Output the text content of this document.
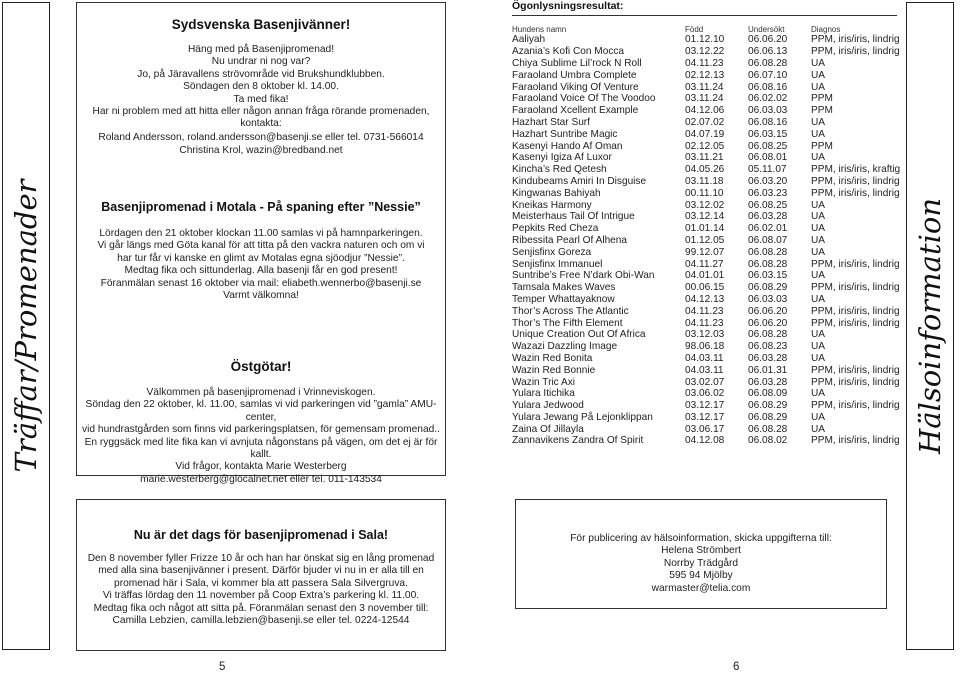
Träffar/Promenader	Hälsoinformation
Sydsvenska Basenjivänner!
Häng med på Basenjipromenad!
Nu undrar ni nog var?
Jo, på Järavallens strövområde vid Brukshundklubben.
Söndagen den 8 oktober kl. 14.00.
Ta med fika!
Har ni problem med att hitta eller någon annan fråga rörande promenaden, kontakta:
Roland Andersson, roland.andersson@basenji.se eller tel. 0731-566014
Christina Krol, wazin@bredband.net
Basenjipromenad i Motala - På spaning efter ”Nessie”
Lördagen den 21 oktober klockan 11.00 samlas vi på hamnparkeringen.
Vi går längs med Göta kanal för att titta på den vackra naturen och om vi
har tur får vi kanske en glimt av Motalas egna sjöodjur ”Nessie”.
Medtag fika och sittunderlag. Alla basenji får en god present!
Föranmälan senast 16 oktober via mail: eliabeth.wennerbo@basenji.se
Varmt välkomna!
Östgötar!
Välkommen på basenjipromenad i Vrinneviskogen.
Söndag den 22 oktober, kl. 11.00, samlas vi vid parkeringen vid ”gamla” AMU-center,
vid hundrastgården som finns vid parkeringsplatsen, för gemensam promenad..
En ryggsäck med lite fika kan vi avnjuta någonstans på vägen, om det ej är för kallt.
Vid frågor, kontakta Marie Westerberg
marie.westerberg@glocalnet.net eller tel. 011-143534
Nu är det dags för basenjipromenad i Sala!
Den 8 november fyller Frizze 10 år och han har önskat sig en lång promenad
med alla sina basenjivänner i present. Därför bjuder vi nu in er alla till en
promenad här i Sala, vi kommer bla att passera Sala Silvergruva.
Vi träffas lördag den 11 november på Coop Extra’s parkering kl. 11.00.
Medtag fika och något att sitta på. Föranmälan senast den 3 november till:
Camilla Lebzien, camilla.lebzien@basenji.se eller tel. 0224-12544
Ögonlysningsresultat:
Hundens namn	Född	Undersökt	Diagnos
Aaliyah	01.12.10	06.06.20	PPM, iris/iris, lindrig
Azania’s Kofi Con Mocca	03.12.22	06.06.13	PPM, iris/iris, lindrig
Chiya Sublime Lil’rock N Roll	04.11.23	06.08.28	UA
Faraoland Umbra Complete	02.12.13	06.07.10	UA
Faraoland Viking Of Venture	03.11.24	06.08.16	UA
Faraoland Voice Of The Voodoo	03.11.24	06.02.02	PPM
Faraoland Xcellent Example	04.12.06	06.03.03	PPM
Hazhart Star Surf	02.07.02	06.08.16	UA
Hazhart Suntribe Magic	04.07.19	06.03.15	UA
Kasenyi Hando Af Oman	02.12.05	06.08.25	PPM
Kasenyi Igiza Af Luxor	03.11.21	06.08.01	UA
Kincha’s Red Qetesh	04.05.26	05.11.07	PPM, iris/iris, kraftig
Kindubeams Amiri In Disguise	03.11.18	06.03.20	PPM, iris/iris, lindrig
Kingwanas Bahiyah	00.11.10	06.03.23	PPM, iris/iris, lindrig
Kneikas Harmony	03.12.02	06.08.25	UA
Meisterhaus Tail Of Intrigue	03.12.14	06.03.28	UA
Pepkits Red Cheza	01.01.14	06.02.01	UA
Ribessita Pearl Of Alhena	01.12.05	06.08.07	UA
Senjisfinx Goreza	99.12.07	06.08.28	UA
Senjisfinx Immanuel	04.11.27	06.08.28	PPM, iris/iris, lindrig
Suntribe’s Free N’dark Obi-Wan	04.01.01	06.03.15	UA
Tamsala Makes Waves	00.06.15	06.08.29	PPM, iris/iris, lindrig
Temper Whattayaknow	04.12.13	06.03.03	UA
Thor’s Across The Atlantic	04.11.23	06.06.20	PPM, iris/iris, lindrig
Thor’s The Fifth Element	04.11.23	06.06.20	PPM, iris/iris, lindrig
Unique Creation Out Of Africa	03.12.03	06.08.28	UA
Wazazi Dazzling Image	98.06.18	06.08.23	UA
Wazin Red Bonita	04.03.11	06.03.28	UA
Wazin Red Bonnie	04.03.11	06.01.31	PPM, iris/iris, lindrig
Wazin Tric Axi	03.02.07	06.03.28	PPM, iris/iris, lindrig
Yulara Itichika	03.06.02	06.08.09	UA
Yulara Jedwood	03.12.17	06.08.29	PPM, iris/iris, lindrig
Yulara Jewang På Lejonklippan	03.12.17	06.08.29	UA
Zaina Of Jillayla	03.06.17	06.08.28	UA
Zannavikens Zandra Of Spirit	04.12.08	06.08.02	PPM, iris/iris, lindrig
För publicering av hälsoinformation, skicka uppgifterna till:
Helena Strömbert
Norrby Trädgård
595 94 Mjölby
warmaster@telia.com
5	6
